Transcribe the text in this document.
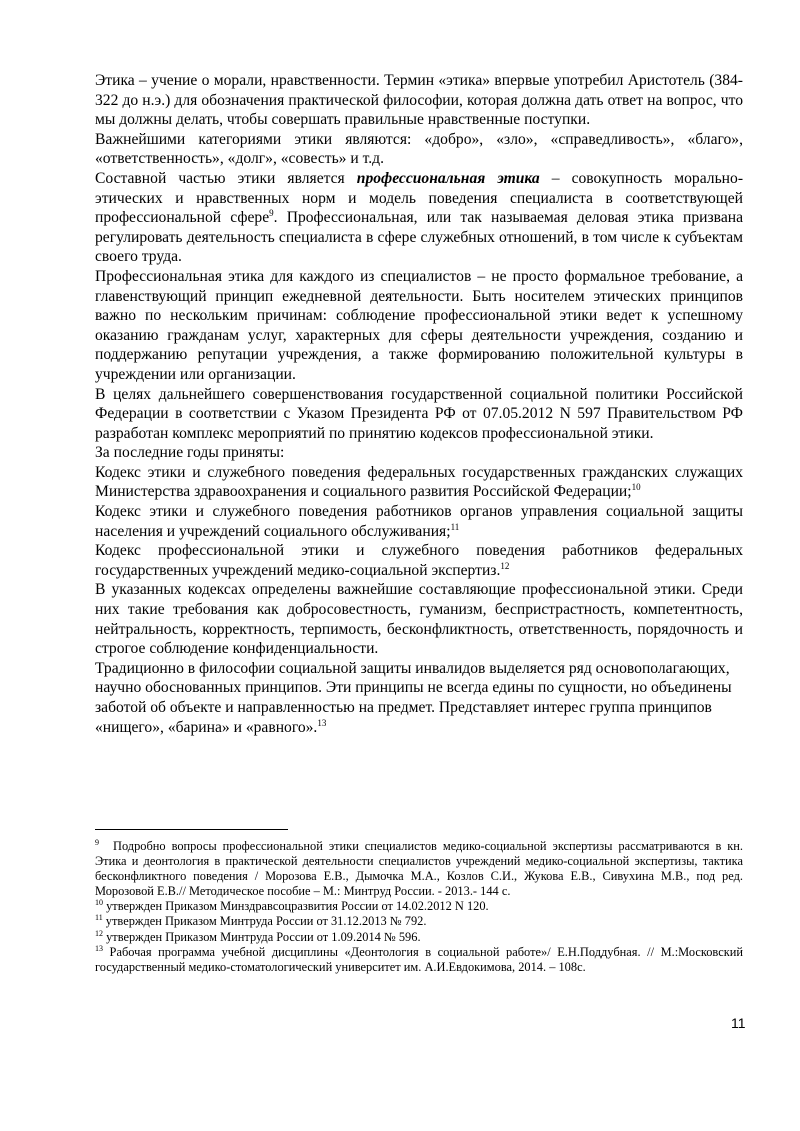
Этика – учение о морали, нравственности. Термин «этика» впервые употребил Аристотель (384-322 до н.э.) для обозначения практической философии, которая должна дать ответ на вопрос, что мы должны делать, чтобы совершать правильные нравственные поступки.

Важнейшими категориями этики являются: «добро», «зло», «справедливость», «благо», «ответственность», «долг», «совесть» и т.д.

Составной частью этики является профессиональная этика – совокупность морально-этических и нравственных норм и модель поведения специалиста в соответствующей профессиональной сфере$^9$. Профессиональная, или так называемая деловая этика призвана регулировать деятельность специалиста в сфере служебных отношений, в том числе к субъектам своего труда.

Профессиональная этика для каждого из специалистов – не просто формальное требование, а главенствующий принцип ежедневной деятельности. Быть носителем этических принципов важно по нескольким причинам: соблюдение профессиональной этики ведет к успешному оказанию гражданам услуг, характерных для сферы деятельности учреждения, созданию и поддержанию репутации учреждения, а также формированию положительной культуры в учреждении или организации.

В целях дальнейшего совершенствования государственной социальной политики Российской Федерации в соответствии с Указом Президента РФ от 07.05.2012 N 597 Правительством РФ разработан комплекс мероприятий по принятию кодексов профессиональной этики.

За последние годы приняты:

Кодекс этики и служебного поведения федеральных государственных гражданских служащих Министерства здравоохранения и социального развития Российской Федерации;$^{10}$

Кодекс этики и служебного поведения работников органов управления социальной защиты населения и учреждений социального обслуживания;$^{11}$

Кодекс профессиональной этики и служебного поведения работников федеральных государственных учреждений медико-социальной экспертиз.$^{12}$

В указанных кодексах определены важнейшие составляющие профессиональной этики. Среди них такие требования как добросовестность, гуманизм, беспристрастность, компетентность, нейтральность, корректность, терпимость, бесконфликтность, ответственность, порядочность и строгое соблюдение конфиденциальности.

Традиционно в философии социальной защиты инвалидов выделяется ряд основополагающих, научно обоснованных принципов. Эти принципы не всегда едины по сущности, но объединены заботой об объекте и направленностью на предмет. Представляет интерес группа принципов «нищего», «барина» и «равного».$^{13}$

$^9$ Подробно вопросы профессиональной этики специалистов медико-социальной экспертизы рассматриваются в кн. Этика и деонтология в практической деятельности специалистов учреждений медико-социальной экспертизы, тактика бесконфликтного поведения / Морозова Е.В., Дымочка М.А., Козлов С.И., Жукова Е.В., Сивухина М.В., под ред. Морозовой Е.В.// Методическое пособие – М.: Минтруд России. - 2013.- 144 с.

$^{10}$ утвержден Приказом Минздравсоцразвития России от 14.02.2012 N 120.

$^{11}$ утвержден Приказом Минтруда России от 31.12.2013 № 792.

$^{12}$ утвержден Приказом Минтруда России от 1.09.2014 № 596.

$^{13}$ Рабочая программа учебной дисциплины «Деонтология в социальной работе»/ Е.Н.Поддубная. // М.:Московский государственный медико-стоматологический университет им. А.И.Евдокимова, 2014. – 108с.

11
